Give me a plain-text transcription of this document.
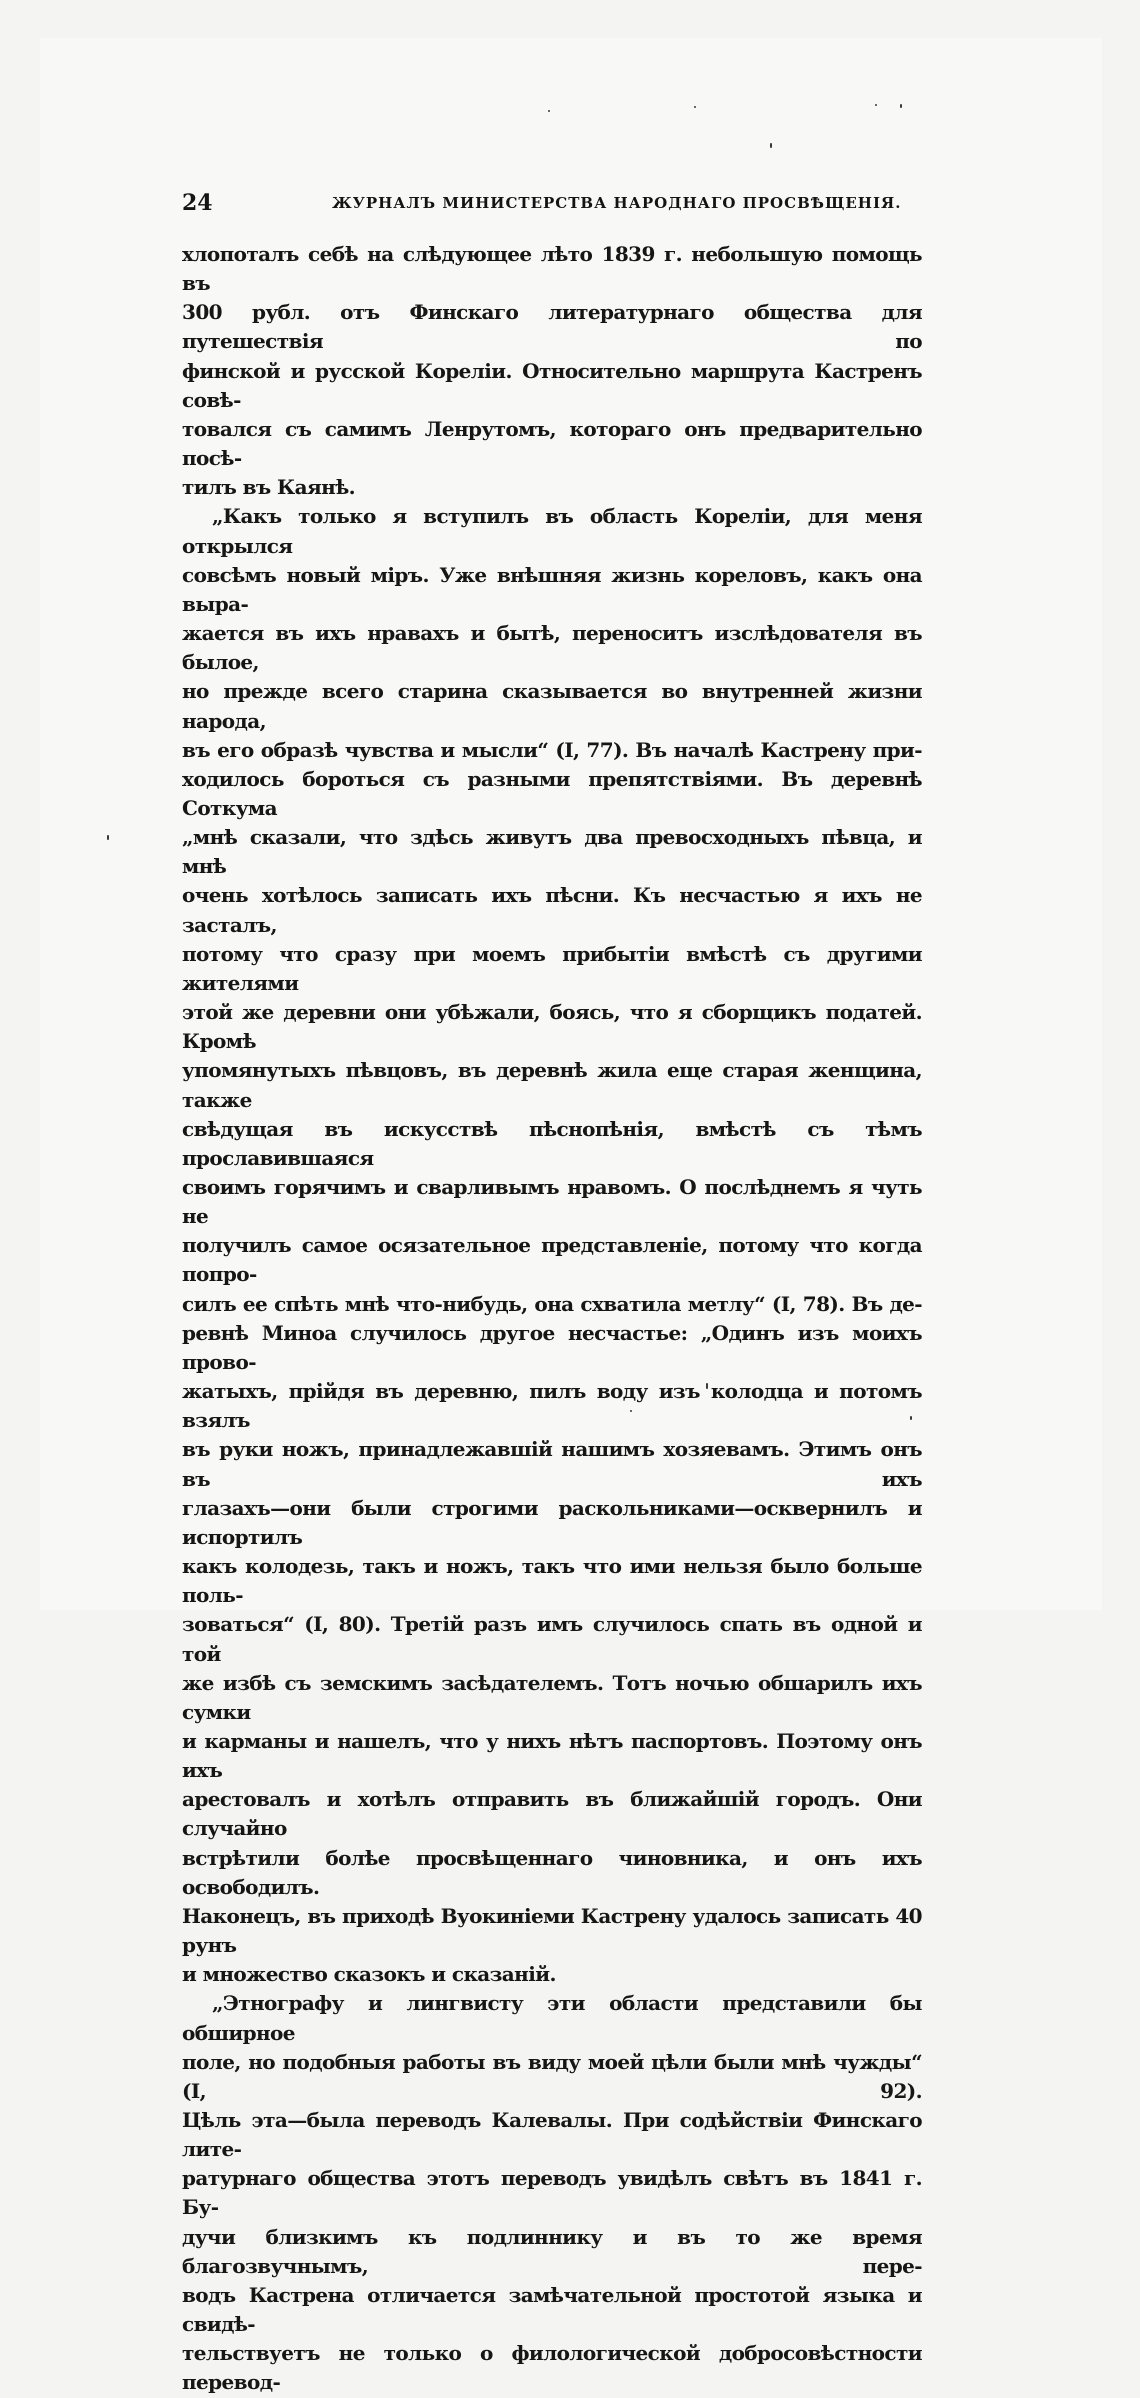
24	ЖУРНАЛЪ МИНИСТЕРСТВА НАРОДНАГО ПРОСВѢЩЕНІЯ.

хлопоталъ себѣ на слѣдующее лѣто 1839 г. небольшую помощь въ

300 рубл. отъ Финскаго литературнаго общества для путешествія по

финской и русской Кореліи. Относительно маршрута Кастренъ совѣ-

товался съ самимъ Ленрутомъ, котораго онъ предварительно посѣ-

тилъ въ Каянѣ.

„Какъ только я вступилъ въ область Кореліи, для меня открылся

совсѣмъ новый міръ. Уже внѣшняя жизнь кореловъ, какъ она выра-

жается въ ихъ нравахъ и бытѣ, переноситъ изслѣдователя въ былое,

но прежде всего старина сказывается во внутренней жизни народа,

въ его образѣ чувства и мысли“ (I, 77). Въ началѣ Кастрену при-

ходилось бороться съ разными препятствіями. Въ деревнѣ Соткума

„мнѣ сказали, что здѣсь живутъ два превосходныхъ пѣвца, и мнѣ

очень хотѣлось записать ихъ пѣсни. Къ несчастью я ихъ не засталъ,

потому что сразу при моемъ прибытіи вмѣстѣ съ другими жителями

этой же деревни они убѣжали, боясь, что я сборщикъ податей. Кромѣ

упомянутыхъ пѣвцовъ, въ деревнѣ жила еще старая женщина, также

свѣдущая въ искусствѣ пѣснопѣнія, вмѣстѣ съ тѣмъ прославившаяся

своимъ горячимъ и сварливымъ нравомъ. О послѣднемъ я чуть не

получилъ самое осязательное представленіе, потому что когда попро-

силъ ее спѣть мнѣ что-нибудь, она схватила метлу“ (I, 78). Въ де-

ревнѣ Миноа случилось другое несчастье: „Одинъ изъ моихъ прово-

жатыхъ, прійдя въ деревню, пилъ воду изъ колодца и потомъ взялъ

въ руки ножъ, принадлежавшій нашимъ хозяевамъ. Этимъ онъ въ ихъ

глазахъ—они были строгими раскольниками—осквернилъ и испортилъ

какъ колодезь, такъ и ножъ, такъ что ими нельзя было больше поль-

зоваться“ (I, 80). Третій разъ имъ случилось спать въ одной и той

же избѣ съ земскимъ засѣдателемъ. Тотъ ночью обшарилъ ихъ сумки

и карманы и нашелъ, что у нихъ нѣтъ паспортовъ. Поэтому онъ ихъ

арестовалъ и хотѣлъ отправить въ ближайшій городъ. Они случайно

встрѣтили болѣе просвѣщеннаго чиновника, и онъ ихъ освободилъ.

Наконецъ, въ приходѣ Вуокиніеми Кастрену удалось записать 40 рунъ

и множество сказокъ и сказаній.

„Этнографу и лингвисту эти области представили бы обширное

поле, но подобныя работы въ виду моей цѣли были мнѣ чужды“ (I, 92).

Цѣль эта—была переводъ Калевалы. При содѣйствіи Финскаго лите-

ратурнаго общества этотъ переводъ увидѣлъ свѣтъ въ 1841 г. Бу-

дучи близкимъ къ подлиннику и въ то же время благозвучнымъ, пере-

водъ Кастрена отличается замѣчательной простотой языка и свидѣ-

тельствуетъ не только о филологической добросовѣстности перевод-
